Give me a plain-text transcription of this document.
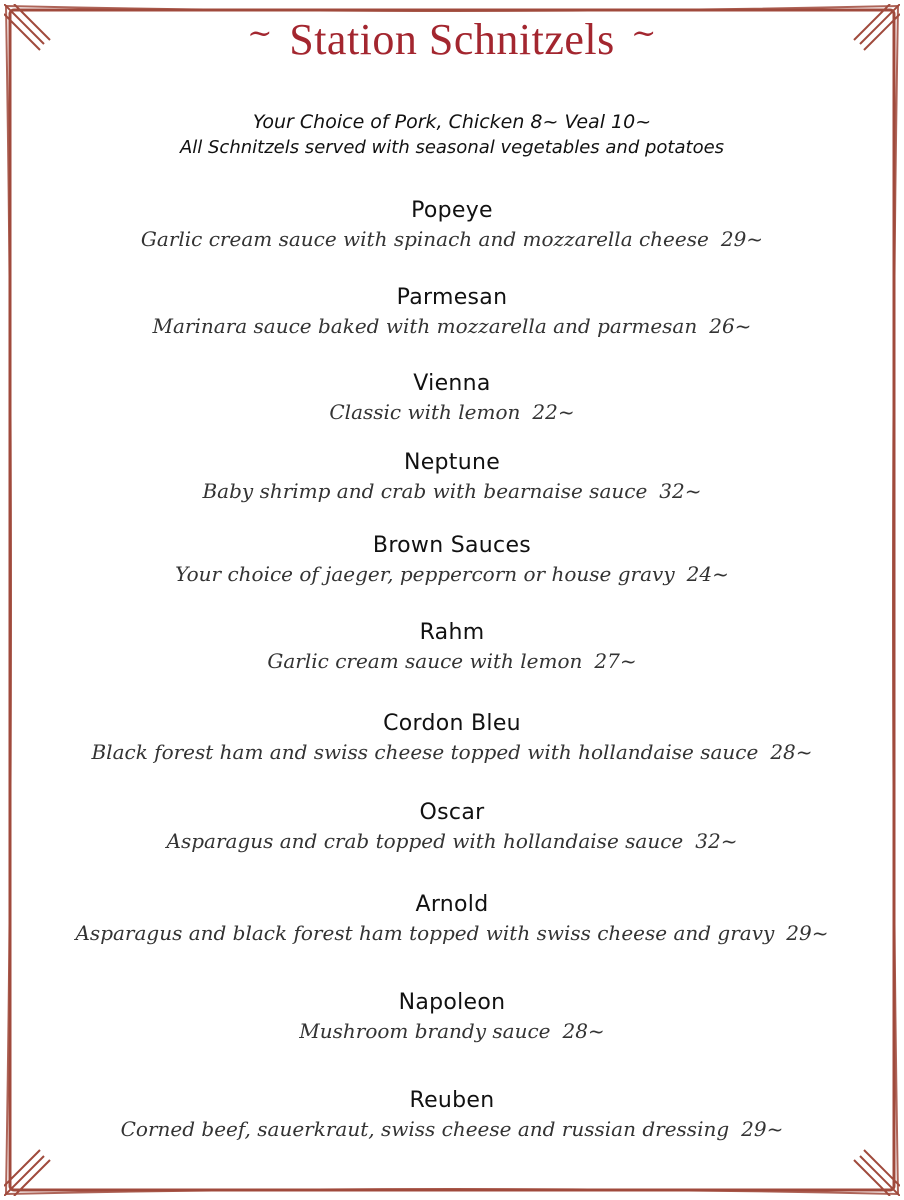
~ Station Schnitzels ~
Your Choice of Pork, Chicken 8~ Veal 10~
All Schnitzels served with seasonal vegetables and potatoes
Popeye
Garlic cream sauce with spinach and mozzarella cheese 29~
Parmesan
Marinara sauce baked with mozzarella and parmesan 26~
Vienna
Classic with lemon 22~
Neptune
Baby shrimp and crab with bearnaise sauce 32~
Brown Sauces
Your choice of jaeger, peppercorn or house gravy 24~
Rahm
Garlic cream sauce with lemon 27~
Cordon Bleu
Black forest ham and swiss cheese topped with hollandaise sauce 28~
Oscar
Asparagus and crab topped with hollandaise sauce 32~
Arnold
Asparagus and black forest ham topped with swiss cheese and gravy 29~
Napoleon
Mushroom brandy sauce 28~
Reuben
Corned beef, sauerkraut, swiss cheese and russian dressing 29~
